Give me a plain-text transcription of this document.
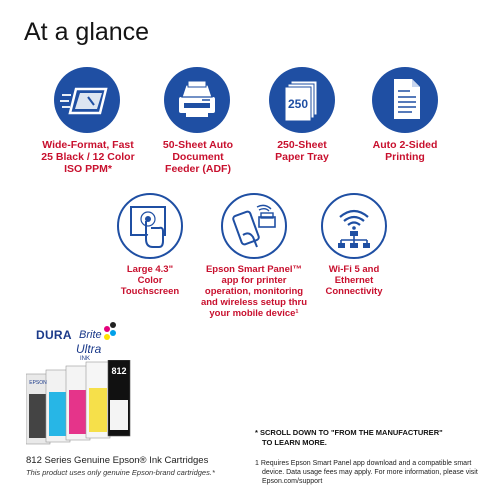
At a glance
Wide-Format, Fast
25 Black / 12 Color
ISO PPM*
50-Sheet Auto
Document
Feeder (ADF)
250
250-Sheet
Paper Tray
Auto 2-Sided
Printing
Large 4.3"
Color
Touchscreen
Epson Smart Panel™
app for printer
operation, monitoring
and wireless setup thru
your mobile device¹
Wi-Fi 5 and
Ethernet
Connectivity
DURA Brite
Ultra
INK
812
EPSON
812 Series Genuine Epson® Ink Cartridges
This product uses only genuine Epson-brand cartridges.*
* SCROLL DOWN TO "FROM THE MANUFACTURER"
TO LEARN MORE.
1 Requires Epson Smart Panel app download and a compatible smart
device. Data usage fees may apply. For more information, please visit
Epson.com/support
